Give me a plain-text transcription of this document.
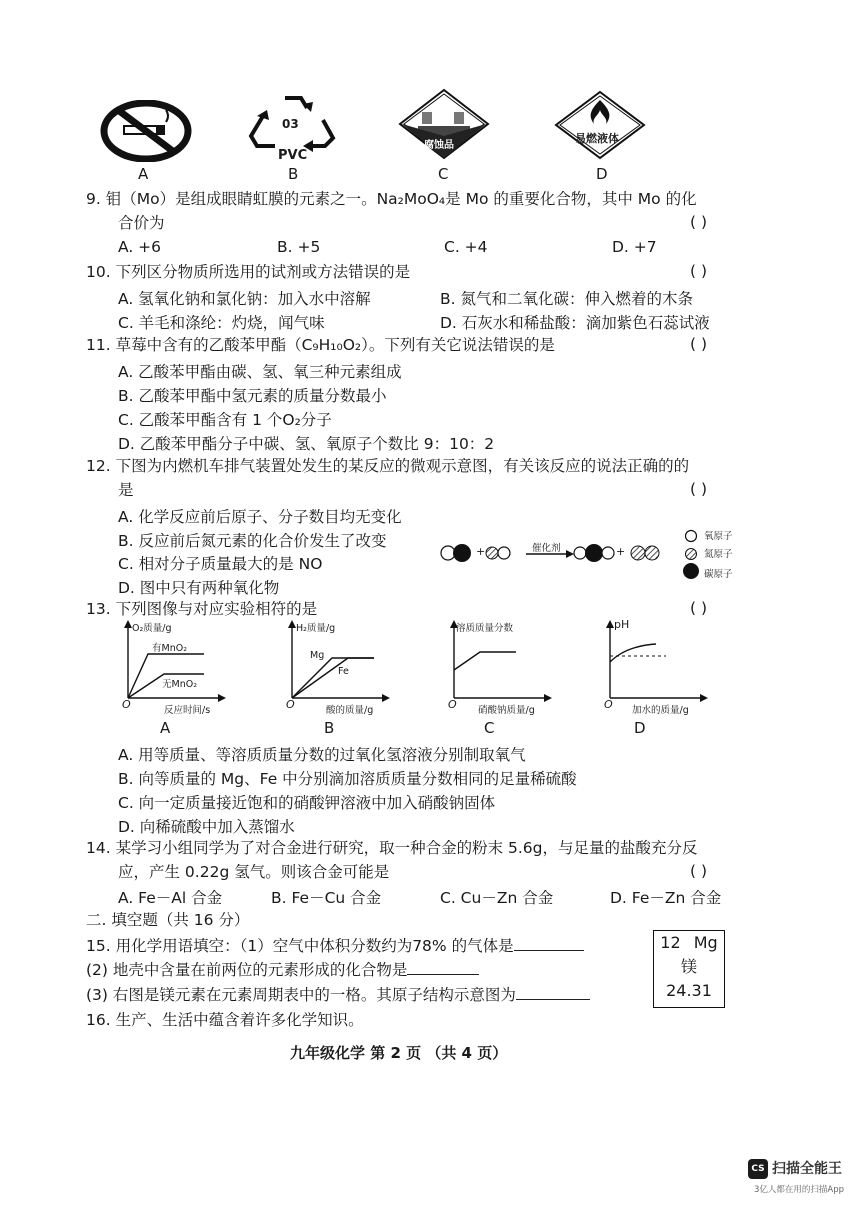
A
03
PVC
B
腐蚀品
C
易燃液体
D
9. 钼（Mo）是组成眼睛虹膜的元素之一。Na₂MoO₄是 Mo 的重要化合物，其中 Mo 的化
合价为	( )
A. +6	B. +5	C. +4	D. +7
10. 下列区分物质所选用的试剂或方法错误的是	( )
A. 氢氧化钠和氯化钠：加入水中溶解	B. 氮气和二氧化碳：伸入燃着的木条
C. 羊毛和涤纶：灼烧，闻气味	D. 石灰水和稀盐酸：滴加紫色石蕊试液
11. 草莓中含有的乙酸苯甲酯（C₉H₁₀O₂）。下列有关它说法错误的是	( )
A. 乙酸苯甲酯由碳、氢、氧三种元素组成
B. 乙酸苯甲酯中氢元素的质量分数最小
C. 乙酸苯甲酯含有 1 个O₂分子
D. 乙酸苯甲酯分子中碳、氢、氧原子个数比 9：10：2
12. 下图为内燃机车排气装置处发生的某反应的微观示意图，有关该反应的说法正确的的
是	( )
A. 化学反应前后原子、分子数目均无变化
B. 反应前后氮元素的化合价发生了改变
C. 相对分子质量最大的是 NO
D. 图中只有两种氧化物
+	催化剂	+
氧原子
氮原子
碳原子
13. 下列图像与对应实验相符的是	( )
O₂质量/g
有MnO₂
无MnO₂
O	反应时间/s
A
H₂质量/g
Mg
Fe
O	酸的质量/g
B
溶质质量分数
O 硝酸钠质量/g
C
pH
O 加水的质量/g
D
A. 用等质量、等溶质质量分数的过氧化氢溶液分别制取氧气
B. 向等质量的 Mg、Fe 中分别滴加溶质质量分数相同的足量稀硫酸
C. 向一定质量接近饱和的硝酸钾溶液中加入硝酸钠固体
D. 向稀硫酸中加入蒸馏水
14. 某学习小组同学为了对合金进行研究，取一种合金的粉末 5.6g，与足量的盐酸充分反
应，产生 0.22g 氢气。则该合金可能是	( )
A. Fe－Al 合金	B. Fe－Cu 合金	C. Cu－Zn 合金	D. Fe－Zn 合金
二. 填空题（共 16 分）
15. 用化学用语填空：（1）空气中体积分数约为78% 的气体是
(2) 地壳中含量在前两位的元素形成的化合物是
(3) 右图是镁元素在元素周期表中的一格。其原子结构示意图为
12 Mg
镁
24.31
16. 生产、生活中蕴含着许多化学知识。
九年级化学 第 2 页 （共 4 页）
CS 扫描全能王
3亿人都在用的扫描App
